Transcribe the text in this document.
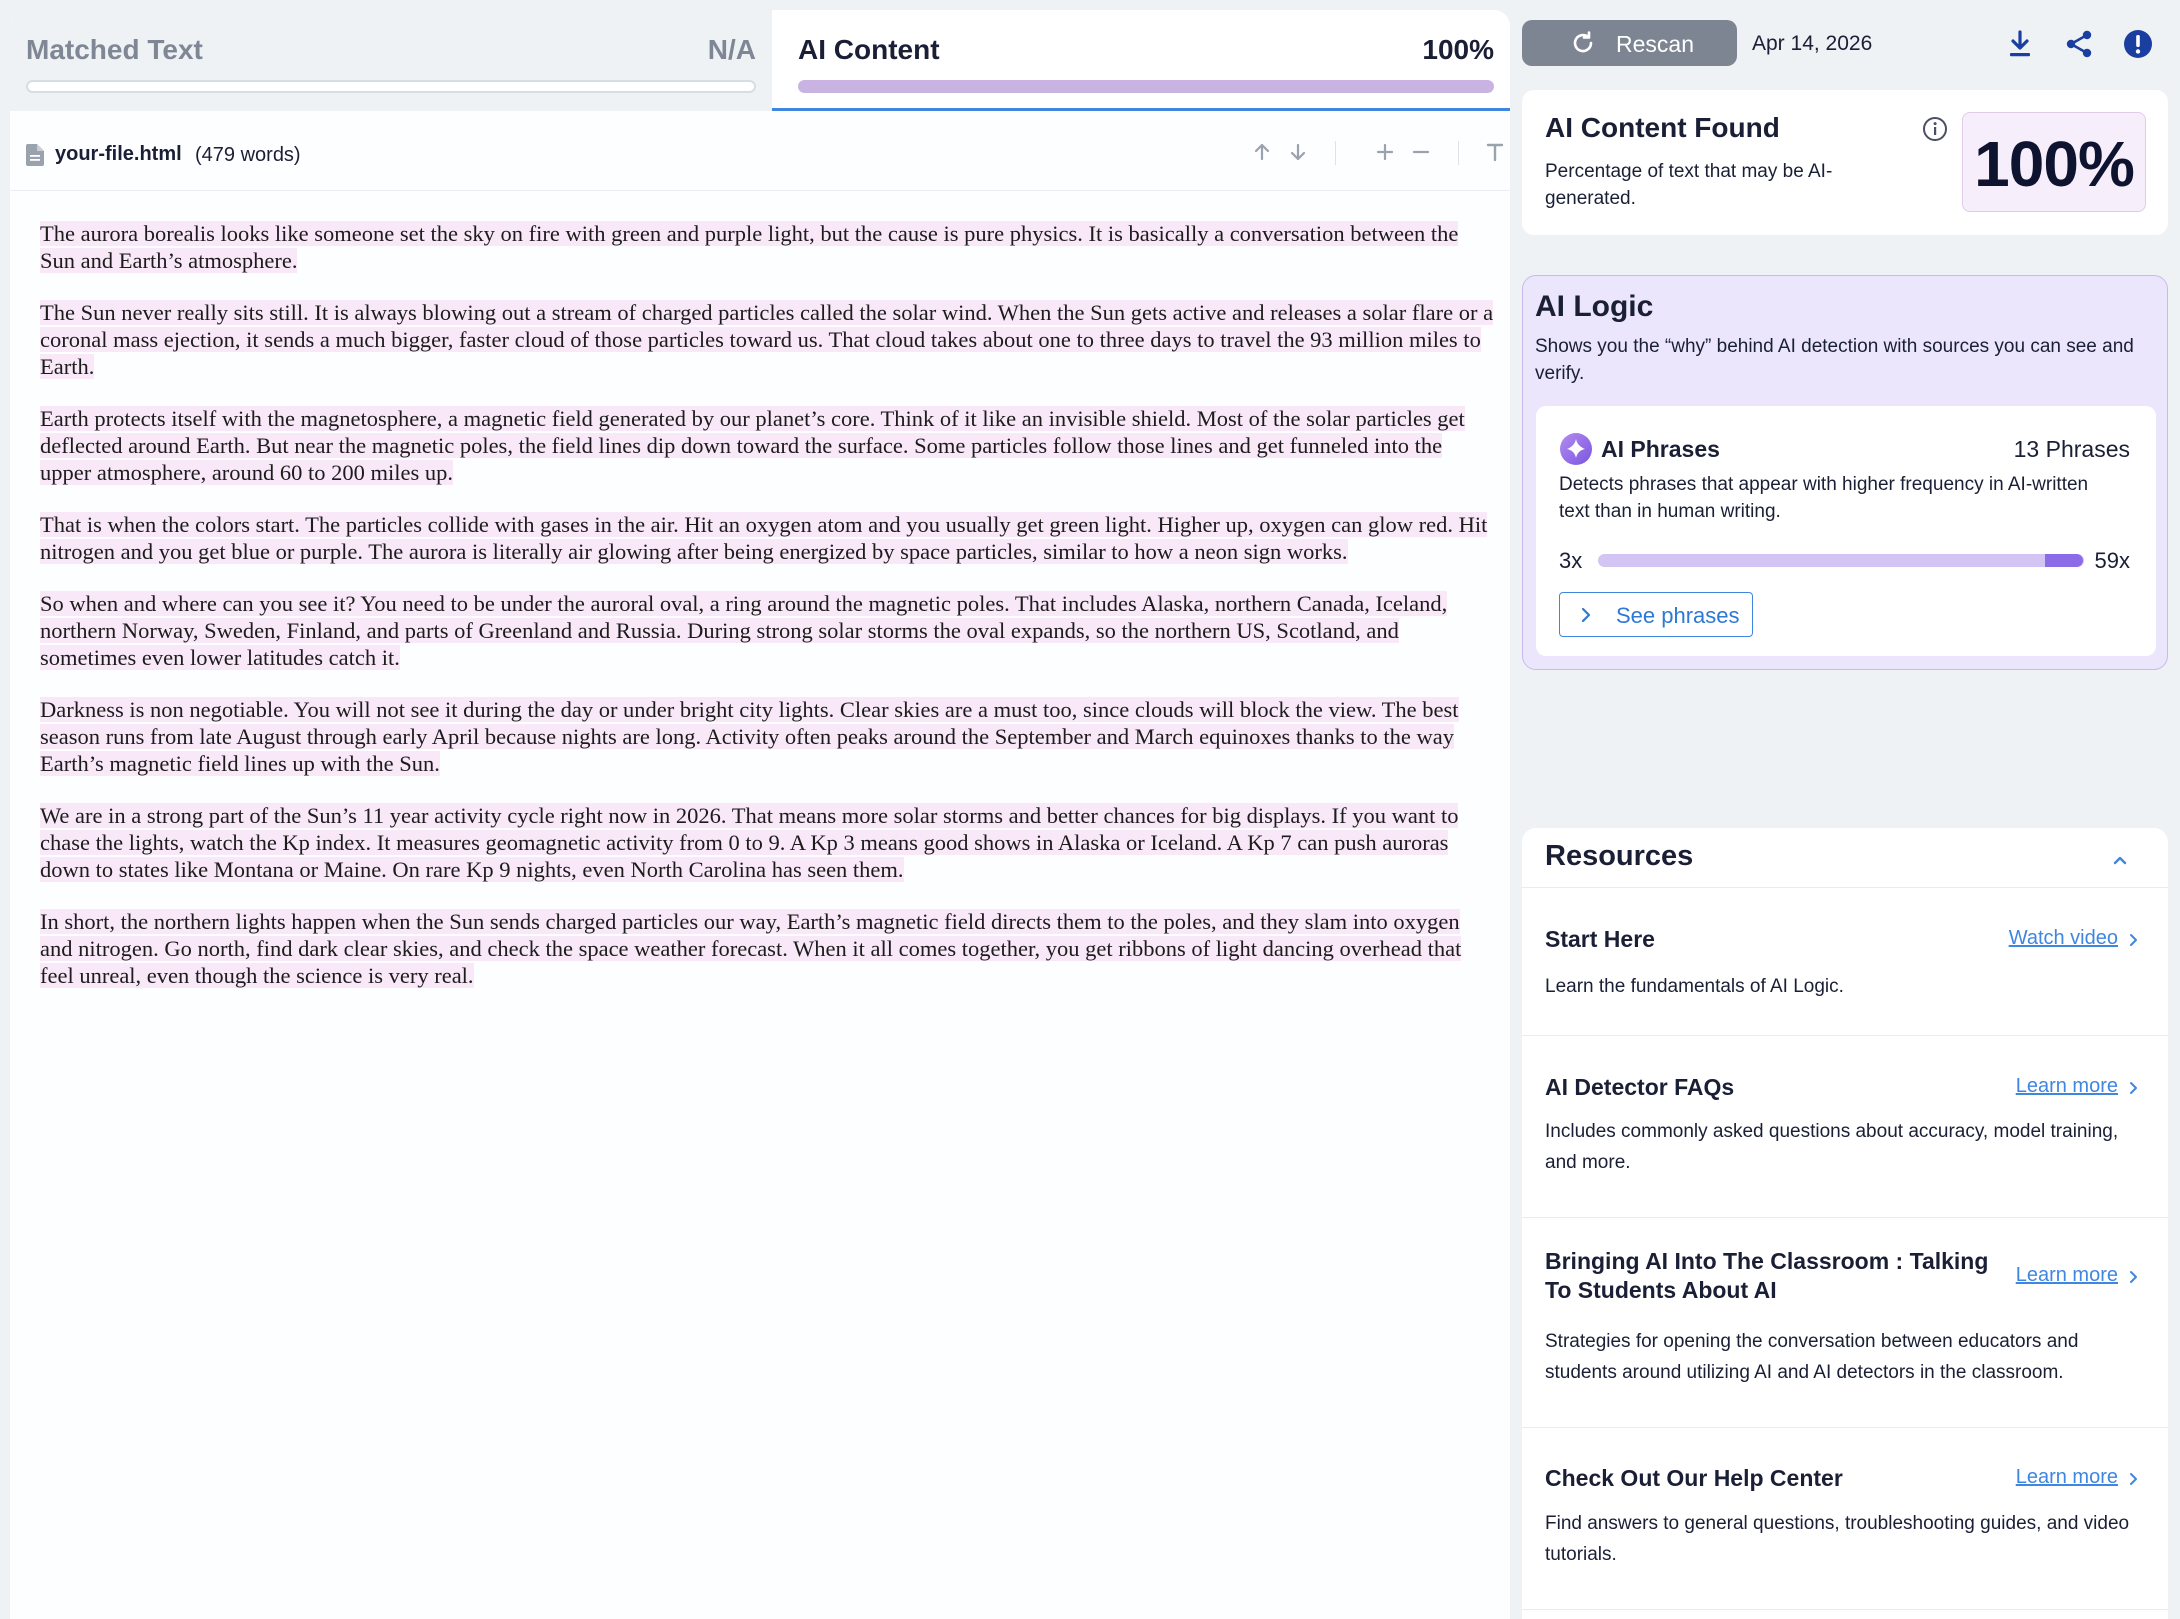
Matched Text	N/A AI Content	100%
your-file.html (479 words)

The aurora borealis looks like someone set the sky on fire with green and purple light, but the cause is pure physics. It is basically a conversation between the Sun and Earth’s atmosphere.

The Sun never really sits still. It is always blowing out a stream of charged particles called the solar wind. When the Sun gets active and releases a solar flare or a coronal mass ejection, it sends a much bigger, faster cloud of those particles toward us. That cloud takes about one to three days to travel the 93 million miles to Earth.

Earth protects itself with the magnetosphere, a magnetic field generated by our planet’s core. Think of it like an invisible shield. Most of the solar particles get deflected around Earth. But near the magnetic poles, the field lines dip down toward the surface. Some particles follow those lines and get funneled into the upper atmosphere, around 60 to 200 miles up.

That is when the colors start. The particles collide with gases in the air. Hit an oxygen atom and you usually get green light. Higher up, oxygen can glow red. Hit nitrogen and you get blue or purple. The aurora is literally air glowing after being energized by space particles, similar to how a neon sign works.

So when and where can you see it? You need to be under the auroral oval, a ring around the magnetic poles. That includes Alaska, northern Canada, Iceland, northern Norway, Sweden, Finland, and parts of Greenland and Russia. During strong solar storms the oval expands, so the northern US, Scotland, and sometimes even lower latitudes catch it.

Darkness is non negotiable. You will not see it during the day or under bright city lights. Clear skies are a must too, since clouds will block the view. The best season runs from late August through early April because nights are long. Activity often peaks around the September and March equinoxes thanks to the way Earth’s magnetic field lines up with the Sun.

We are in a strong part of the Sun’s 11 year activity cycle right now in 2026. That means more solar storms and better chances for big displays. If you want to chase the lights, watch the Kp index. It measures geomagnetic activity from 0 to 9. A Kp 3 means good shows in Alaska or Iceland. A Kp 7 can push auroras down to states like Montana or Maine. On rare Kp 9 nights, even North Carolina has seen them.

In short, the northern lights happen when the Sun sends charged particles our way, Earth’s magnetic field directs them to the poles, and they slam into oxygen and nitrogen. Go north, find dark clear skies, and check the space weather forecast. When it all comes together, you get ribbons of light dancing overhead that feel unreal, even though the science is very real.

Rescan	Apr 14, 2026
AI Content Found

Percentage of text that may be AI-generated.	100%
AI Logic

Shows you the “why” behind AI detection with sources you can see and verify.

AI Phrases	13 Phrases

Detects phrases that appear with higher frequency in AI-written text than in human writing.

3x	59x
See phrases
Resources
Start Here	Watch video

Learn the fundamentals of AI Logic.

AI Detector FAQs	Learn more

Includes commonly asked questions about accuracy, model training, and more.

Bringing AI Into The Classroom : Talking To Students About AI
Learn more

Strategies for opening the conversation between educators and students around utilizing AI and AI detectors in the classroom.

Check Out Our Help Center	Learn more

Find answers to general questions, troubleshooting guides, and video tutorials.
